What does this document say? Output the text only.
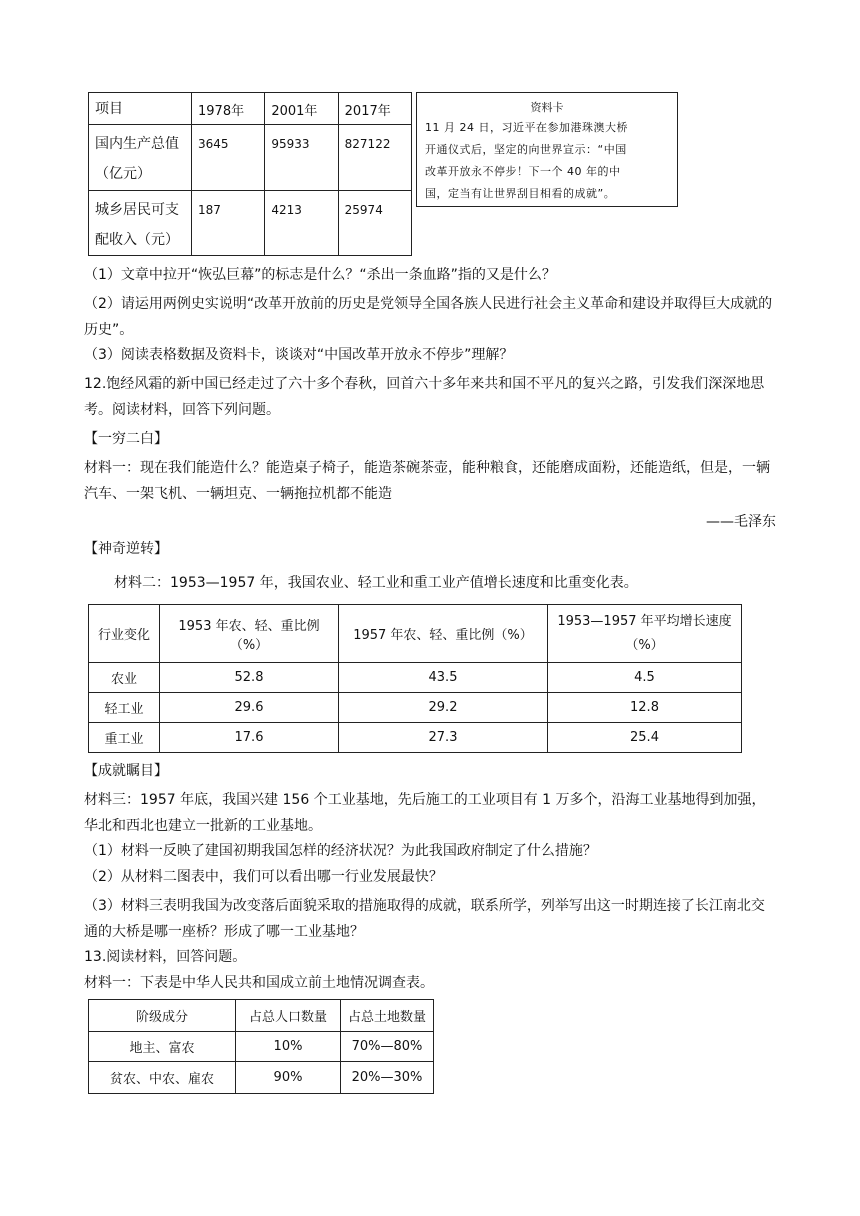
项目	1978年	2001年	2017年

国内生产总值
（亿元）	3645	95933	827122

城乡居民可支
配收入（元）	187	4213	25974
资料卡
11 月 24 日，习近平在参加港珠澳大桥
开通仪式后，坚定的向世界宣示：“中国
改革开放永不停步！下一个 40 年的中
国，定当有让世界刮目相看的成就”。
（1）文章中拉开“恢弘巨幕”的标志是什么？“杀出一条血路”指的又是什么？
（2）请运用两例史实说明“改革开放前的历史是党领导全国各族人民进行社会主义革命和建设并取得巨大成就的历史”。
（3）阅读表格数据及资料卡，谈谈对“中国改革开放永不停步”理解？
12.饱经风霜的新中国已经走过了六十多个春秋，回首六十多年来共和国不平凡的复兴之路，引发我们深深地思考。阅读材料，回答下列问题。
【一穷二白】
材料一：现在我们能造什么？能造桌子椅子，能造茶碗茶壶，能种粮食，还能磨成面粉，还能造纸，但是，一辆汽车、一架飞机、一辆坦克、一辆拖拉机都不能造
——毛泽东
【神奇逆转】
材料二：1953—1957 年，我国农业、轻工业和重工业产值增长速度和比重变化表。
行业变化	1953 年农、轻、重比例（%）	1957 年农、轻、重比例（%）	1953—1957 年平均增长速度
（%）

农业	52.8	43.5	4.5
轻工业	29.6	29.2	12.8
重工业	17.6	27.3	25.4
【成就瞩目】
材料三：1957 年底，我国兴建 156 个工业基地，先后施工的工业项目有 1 万多个，沿海工业基地得到加强，华北和西北也建立一批新的工业基地。
（1）材料一反映了建国初期我国怎样的经济状况？为此我国政府制定了什么措施？
（2）从材料二图表中，我们可以看出哪一行业发展最快？
（3）材料三表明我国为改变落后面貌采取的措施取得的成就，联系所学，列举写出这一时期连接了长江南北交通的大桥是哪一座桥？形成了哪一工业基地？
13.阅读材料，回答问题。
材料一：下表是中华人民共和国成立前土地情况调查表。
阶级成分	占总人口数量	占总土地数量
地主、富农	10%	70%—80%
贫农、中农、雇农	90%	20%—30%
